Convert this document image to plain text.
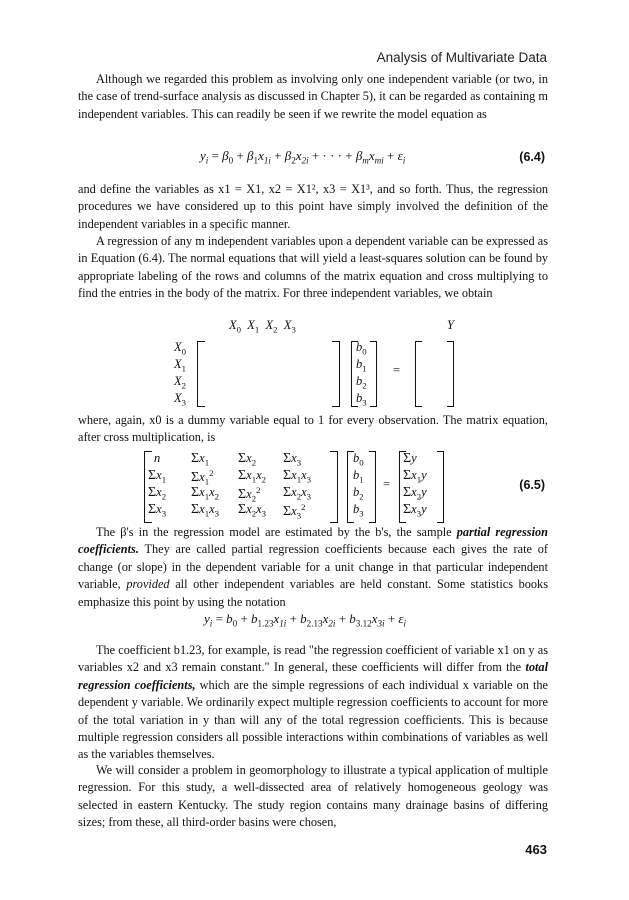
Analysis of Multivariate Data

Although we regarded this problem as involving only one independent variable (or two, in the case of trend-surface analysis as discussed in Chapter 5), it can be regarded as containing m independent variables. This can readily be seen if we rewrite the model equation as

$y_i = \beta_0 + \beta_1x_{1i} + \beta_2x_{2i}$ + · · · + $\beta_mx_{mi} + \varepsilon_i$	(6.4)

and define the variables as x1 = X1, x2 = X1², x3 = X1³, and so forth. Thus, the regression procedures we have considered up to this point have simply involved the definition of the independent variables in a specific manner.

A regression of any m independent variables upon a dependent variable can be expressed as in Equation (6.4). The normal equations that will yield a least-squares solution can be found by appropriate labeling of the rows and columns of the matrix equation and cross multiplying to find the entries in the body of the matrix. For three independent variables, we obtain

$X_0$  $X_1$  $X_2$  $X_3$	Y
$X_0$
$X_1$
$X_2$
$X_3$
$b_0$
$b_1$
$b_2$
$b_3$
=

where, again, x0 is a dummy variable equal to 1 for every observation. The matrix equation, after cross multiplication, is

n $\Sigma x_1$ $\Sigma x_2$ $\Sigma x_3$
$\Sigma x_1$ $\Sigma x_1^2$ $\Sigma x_1x_2$ $\Sigma x_1x_3$
$\Sigma x_2$ $\Sigma x_1x_2$ $\Sigma x_2^2$ $\Sigma x_2x_3$
$\Sigma x_3$ $\Sigma x_1x_3$ $\Sigma x_2x_3$ $\Sigma x_3^2$
$b_0$
$b_1$
$b_2$
$b_3$
=
Σy
$\Sigma x_1y$
$\Sigma x_2y$
$\Sigma x_3y$
(6.5)

The β's in the regression model are estimated by the b's, the sample partial regression coefficients. They are called partial regression coefficients because each gives the rate of change (or slope) in the dependent variable for a unit change in that particular independent variable, provided all other independent variables are held constant. Some statistics books emphasize this point by using the notation

$y_i = b_0 + b_{1.23}x_{1i} + b_{2.13}x_{2i} + b_{3.12}x_{3i} + \varepsilon_i$

The coefficient b1.23, for example, is read "the regression coefficient of variable x1 on y as variables x2 and x3 remain constant." In general, these coefficients will differ from the total regression coefficients, which are the simple regressions of each individual x variable on the dependent y variable. We ordinarily expect multiple regression coefficients to account for more of the total variation in y than will any of the total regression coefficients. This is because multiple regression considers all possible interactions within combinations of variables as well as the variables themselves.

We will consider a problem in geomorphology to illustrate a typical application of multiple regression. For this study, a well-dissected area of relatively homogeneous geology was selected in eastern Kentucky. The study region contains many drainage basins of differing sizes; from these, all third-order basins were chosen,

463
